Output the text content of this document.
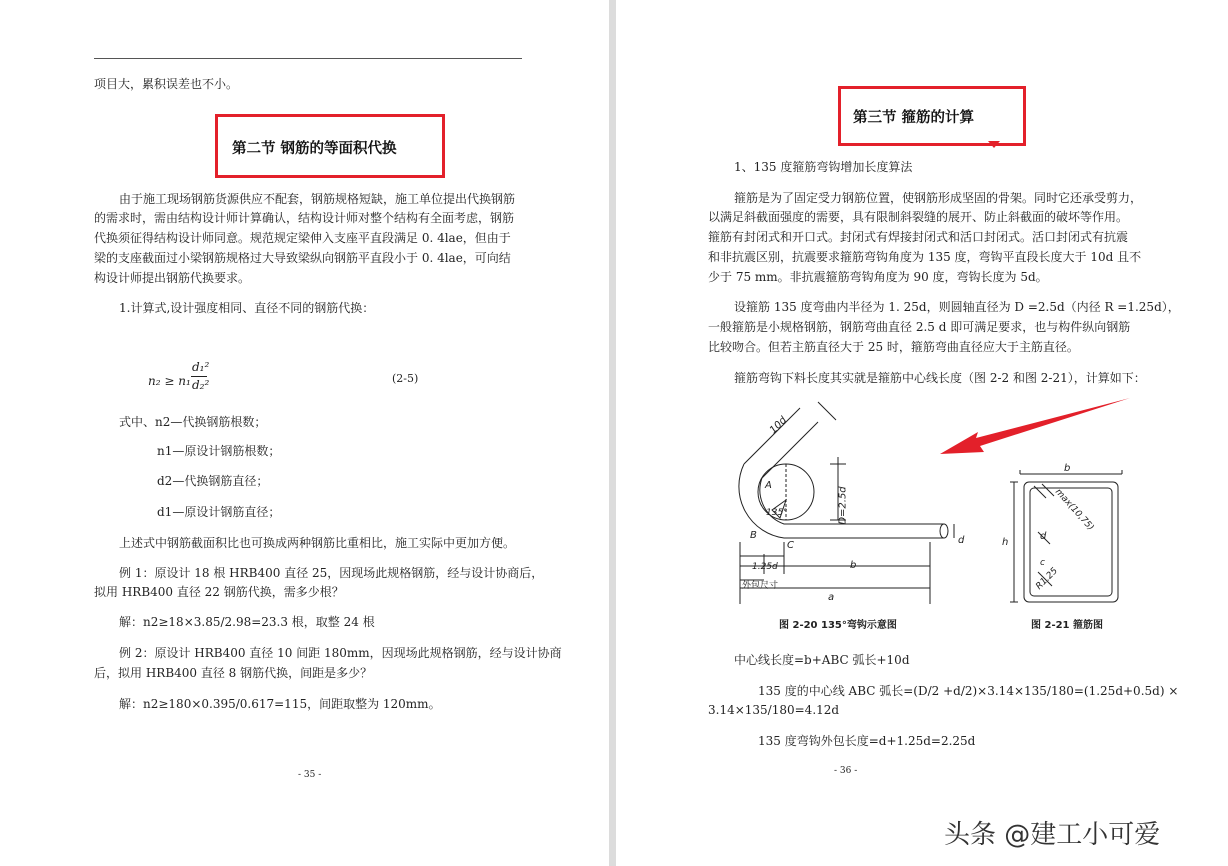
项目大，累积误差也不小。
第二节 钢筋的等面积代换
由于施工现场钢筋货源供应不配套，钢筋规格短缺，施工单位提出代换钢筋
的需求时，需由结构设计师计算确认，结构设计师对整个结构有全面考虑，钢筋
代换须征得结构设计师同意。规范规定梁伸入支座平直段满足 0. 4lae，但由于
梁的支座截面过小梁钢筋规格过大导致梁纵向钢筋平直段小于 0. 4lae，可向结
构设计师提出钢筋代换要求。
1.计算式,设计强度相同、直径不同的钢筋代换：
n₂ ≥ n₁
d₁²
d₂²	(2-5)
式中、n2—代换钢筋根数；
n1—原设计钢筋根数；
d2—代换钢筋直径；
d1—原设计钢筋直径；
上述式中钢筋截面积比也可换成两种钢筋比重相比，施工实际中更加方便。
例 1：原设计 18 根 HRB400 直径 25，因现场此规格钢筋，经与设计协商后，
拟用 HRB400 直径 22 钢筋代换，需多少根？
解：n2≥18×3.85/2.98=23.3 根，取整 24 根
例 2：原设计 HRB400 直径 10 间距 180mm，因现场此规格钢筋，经与设计协商
后，拟用 HRB400 直径 8 钢筋代换，间距是多少？
解：n2≥180×0.395/0.617=115，间距取整为 120mm。
- 35 -
第三节 箍筋的计算
1、135 度箍筋弯钩增加长度算法
箍筋是为了固定受力钢筋位置，使钢筋形成坚固的骨架。同时它还承受剪力，
以满足斜截面强度的需要，具有限制斜裂缝的展开、防止斜截面的破坏等作用。
箍筋有封闭式和开口式。封闭式有焊接封闭式和活口封闭式。活口封闭式有抗震
和非抗震区别，抗震要求箍筋弯钩角度为 135 度，弯钩平直段长度大于 10d 且不
少于 75 mm。非抗震箍筋弯钩角度为 90 度，弯钩长度为 5d。
设箍筋 135 度弯曲内半径为 1. 25d，则圆轴直径为 D =2.5d（内径 R =1.25d），
一般箍筋是小规格钢筋，钢筋弯曲直径 2.5 d 即可满足要求，也与构件纵向钢筋
比较吻合。但若主筋直径大于 25 时，箍筋弯曲直径应大于主筋直径。
箍筋弯钩下料长度其实就是箍筋中心线长度（图 2-2 和图 2-21），计算如下：
10d
A
B
C
D=2.5d
135°
1.25d	b
d
a
外包尺寸
图 2-20 135°弯钩示意图
b
h
max(10,75)
d
c
R1.25
图 2-21 箍筋图
中心线长度=b+ABC 弧长+10d
135 度的中心线 ABC 弧长=(D/2 +d/2)×3.14×135/180=(1.25d+0.5d) ×
3.14×135/180=4.12d
135 度弯钩外包长度=d+1.25d=2.25d
- 36 -
头条 @建工小可爱
